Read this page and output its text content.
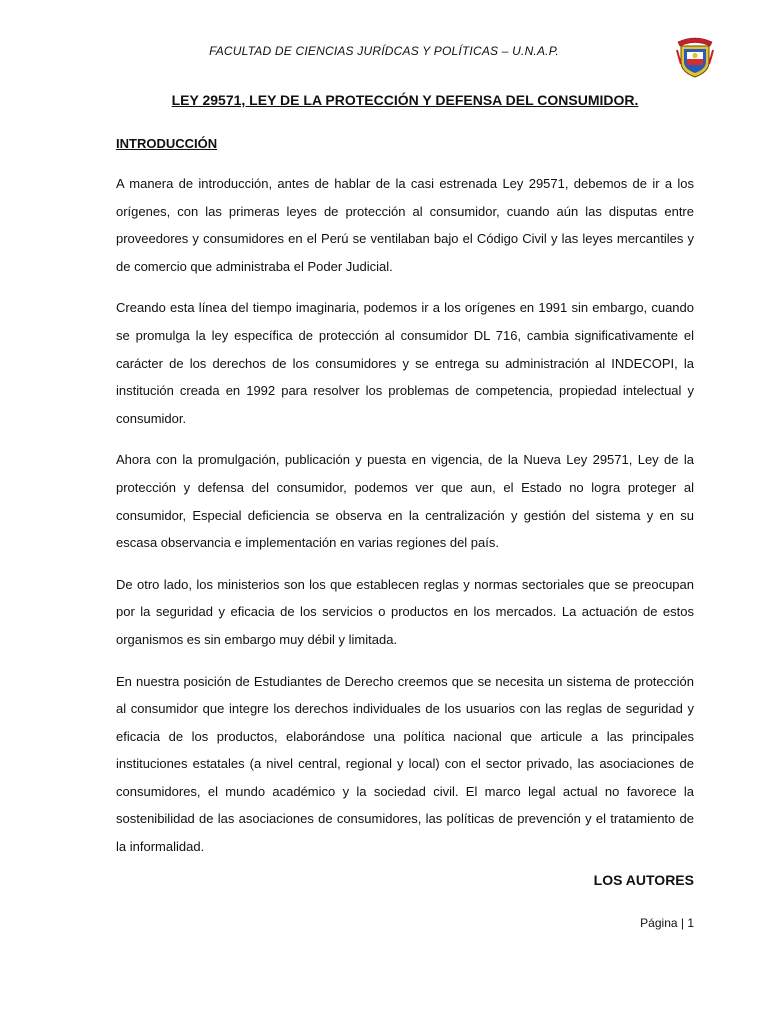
FACULTAD DE CIENCIAS JURÍDCAS Y POLÍTICAS – U.N.A.P.
LEY 29571, LEY DE LA PROTECCIÓN Y DEFENSA DEL CONSUMIDOR.
INTRODUCCIÓN

A manera de introducción, antes de hablar de la casi estrenada Ley 29571, debemos de ir a los orígenes, con las primeras leyes de protección al consumidor, cuando aún las disputas entre proveedores y consumidores en el Perú se ventilaban bajo el Código Civil y las leyes mercantiles y de comercio que administraba el Poder Judicial.

Creando esta línea del tiempo imaginaria, podemos ir a los orígenes en 1991 sin embargo, cuando se promulga la ley específica de protección al consumidor DL 716, cambia significativamente el carácter de los derechos de los consumidores y se entrega su administración al INDECOPI, la institución creada en 1992 para resolver los problemas de competencia, propiedad intelectual y consumidor.

Ahora con la promulgación, publicación y puesta en vigencia, de la Nueva Ley 29571, Ley de la protección y defensa del consumidor, podemos ver que aun, el Estado no logra proteger al consumidor, Especial deficiencia se observa en la centralización y gestión del sistema y en su escasa observancia e implementación en varias regiones del país.

De otro lado, los ministerios son los que establecen reglas y normas sectoriales que se preocupan por la seguridad y eficacia de los servicios o productos en los mercados. La actuación de estos organismos es sin embargo muy débil y limitada.

En nuestra posición de Estudiantes de Derecho creemos que se necesita un sistema de protección al consumidor que integre los derechos individuales de los usuarios con las reglas de seguridad y eficacia de los productos, elaborándose una política nacional que articule a las principales instituciones estatales (a nivel central, regional y local) con el sector privado, las asociaciones de consumidores, el mundo académico y la sociedad civil. El marco legal actual no favorece la sostenibilidad de las asociaciones de consumidores, las políticas de prevención y el tratamiento de la informalidad.

LOS AUTORES
Página | 1
